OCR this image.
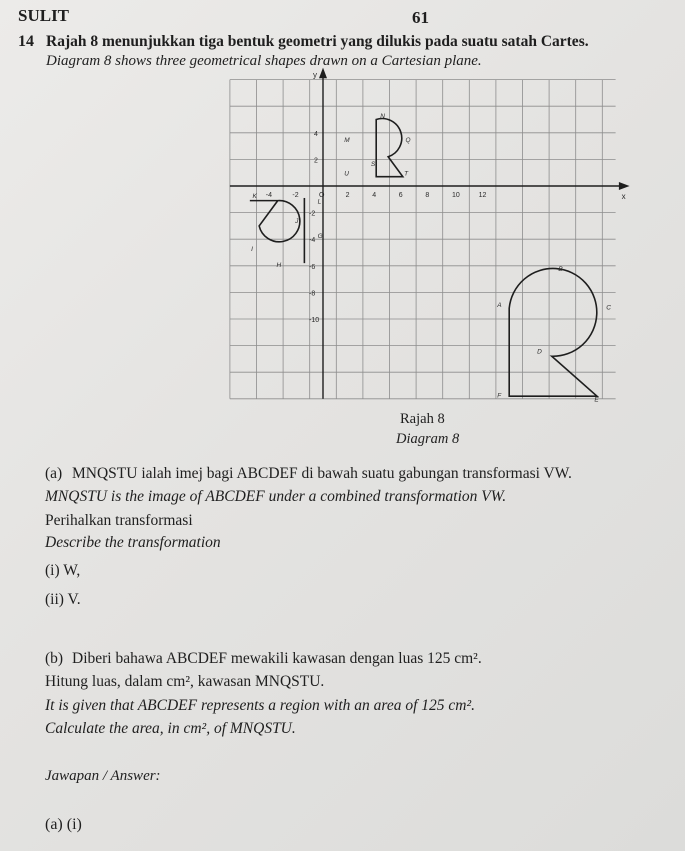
SULIT	61
14 Rajah 8 menunjukkan tiga bentuk geometri yang dilukis pada suatu satah Cartes.
Diagram 8 shows three geometrical shapes drawn on a Cartesian plane.
x
y
-4	-2	O	2	4	6	8	10	12
4
2
-2
-4
-6
-8
-10
N
M	Q
S
U	T
K
L
J
G
I
H
A
B
C
D
E
F
Rajah 8
Diagram 8
(a) MNQSTU ialah imej bagi ABCDEF di bawah suatu gabungan transformasi VW.
MNQSTU is the image of ABCDEF under a combined transformation VW.
Perihalkan transformasi
Describe the transformation
(i) W,
(ii) V.
(b) Diberi bahawa ABCDEF mewakili kawasan dengan luas 125 cm².
Hitung luas, dalam cm², kawasan MNQSTU.
It is given that ABCDEF represents a region with an area of 125 cm².
Calculate the area, in cm², of MNQSTU.
Jawapan / Answer:
(a) (i)
